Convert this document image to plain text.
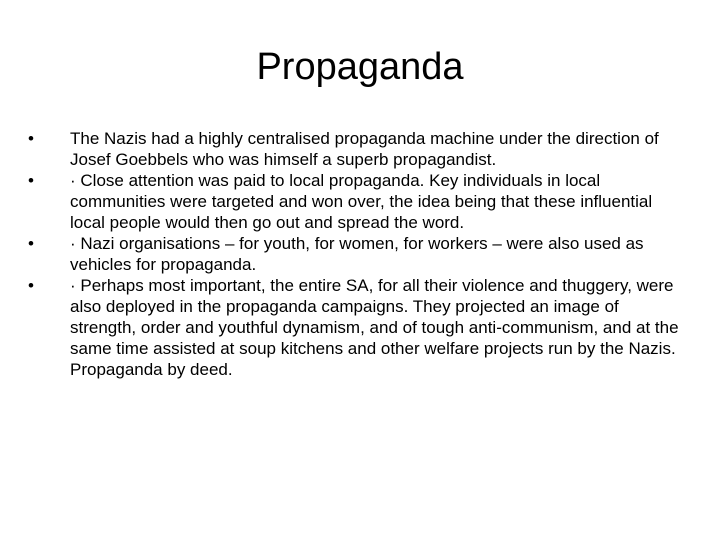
Propaganda
•	The Nazis had a highly centralised propaganda machine under the direction of Josef Goebbels who was himself a superb propagandist.
•	· Close attention was paid to local propaganda. Key individuals in local communities were targeted and won over, the idea being that these influential local people would then go out and spread the word.
•	· Nazi organisations – for youth, for women, for workers – were also used as vehicles for propaganda.
•	· Perhaps most important, the entire SA, for all their violence and thuggery, were also deployed in the propaganda campaigns. They projected an image of strength, order and youthful dynamism, and of tough anti-communism, and at the same time assisted at soup kitchens and other welfare projects run by the Nazis. Propaganda by deed.
